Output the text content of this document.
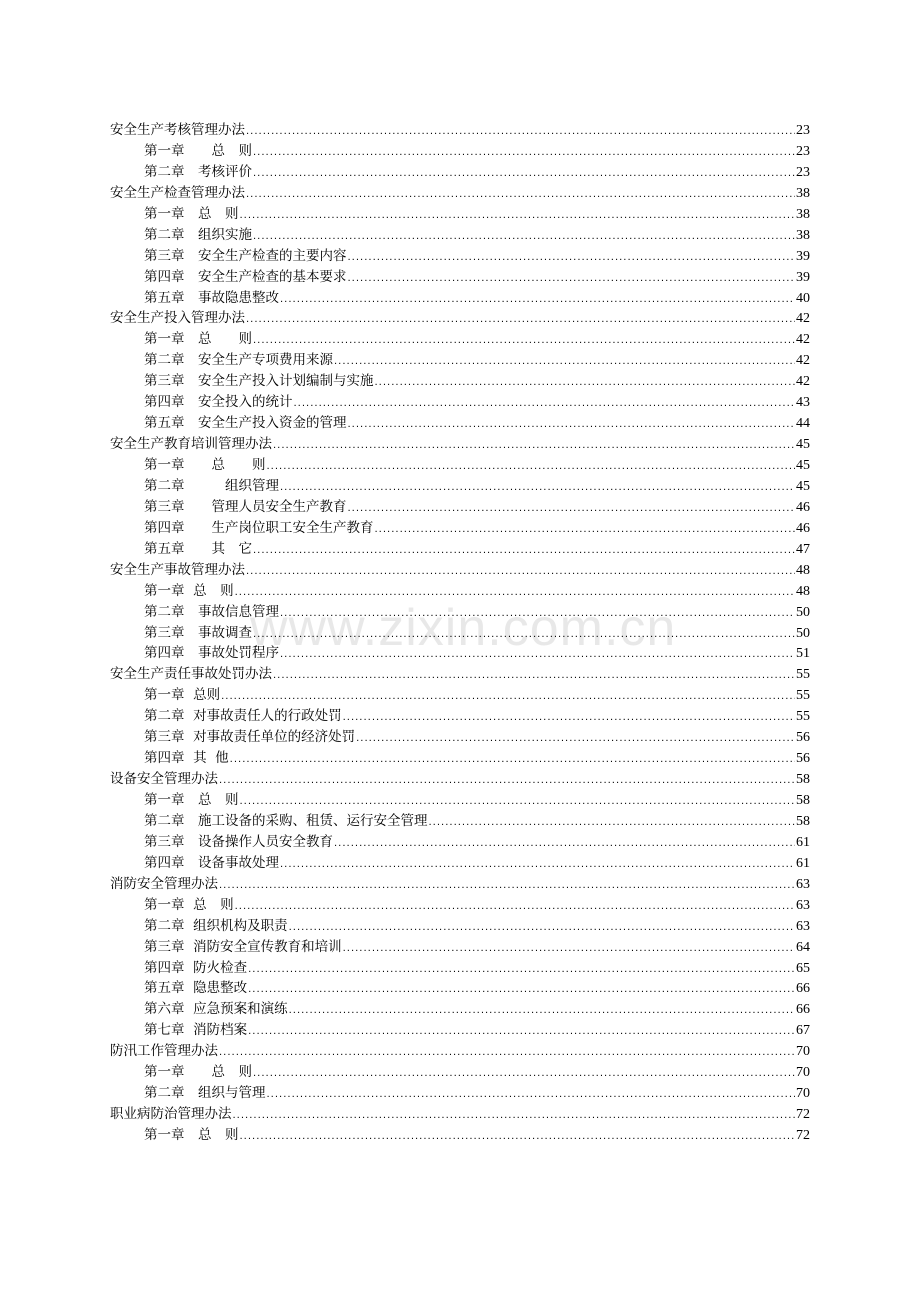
安全生产考核管理办法 .....	23
第一章　　总　则 .....	23
第二章　考核评价 .....	23
安全生产检查管理办法 .....	38
第一章　总　则 .....	38
第二章　组织实施 .....	38
第三章　安全生产检查的主要内容 .....	39
第四章　安全生产检查的基本要求 .....	39
第五章　事故隐患整改 .....	40
安全生产投入管理办法 .....	42
第一章　总　　则 .....	42
第二章　安全生产专项费用来源 .....	42
第三章　安全生产投入计划编制与实施 .....	42
第四章　安全投入的统计 .....	43
第五章　安全生产投入资金的管理 .....	44
安全生产教育培训管理办法 .....	45
第一章　　总　　则 .....	45
第二章　　　组织管理 .....	45
第三章　　管理人员安全生产教育 .....	46
第四章　　生产岗位职工安全生产教育 .....	46
第五章　　其　它 .....	47
安全生产事故管理办法 .....	48
第一章  总　则 .....	48
第二章　事故信息管理 .....	50
第三章　事故调查 .....	50
第四章　事故处罚程序 .....	51
安全生产责任事故处罚办法 .....	55
第一章  总则 .....	55
第二章  对事故责任人的行政处罚 .....	55
第三章  对事故责任单位的经济处罚 .....	56
第四章  其  他 .....	56
设备安全管理办法 .....	58
第一章　总　则 .....	58
第二章　施工设备的采购、租赁、运行安全管理 .....	58
第三章　设备操作人员安全教育 .....	61
第四章　设备事故处理 .....	61
消防安全管理办法 .....	63
第一章  总　则 .....	63
第二章  组织机构及职责 .....	63
第三章  消防安全宣传教育和培训 .....	64
第四章  防火检查 .....	65
第五章  隐患整改 .....	66
第六章  应急预案和演练 .....	66
第七章  消防档案 .....	67
防汛工作管理办法 .....	70
第一章　　总　则 .....	70
第二章　组织与管理 .....	70
职业病防治管理办法 .....	72
第一章　总　则 .....	72
www.zixin.com.cn
